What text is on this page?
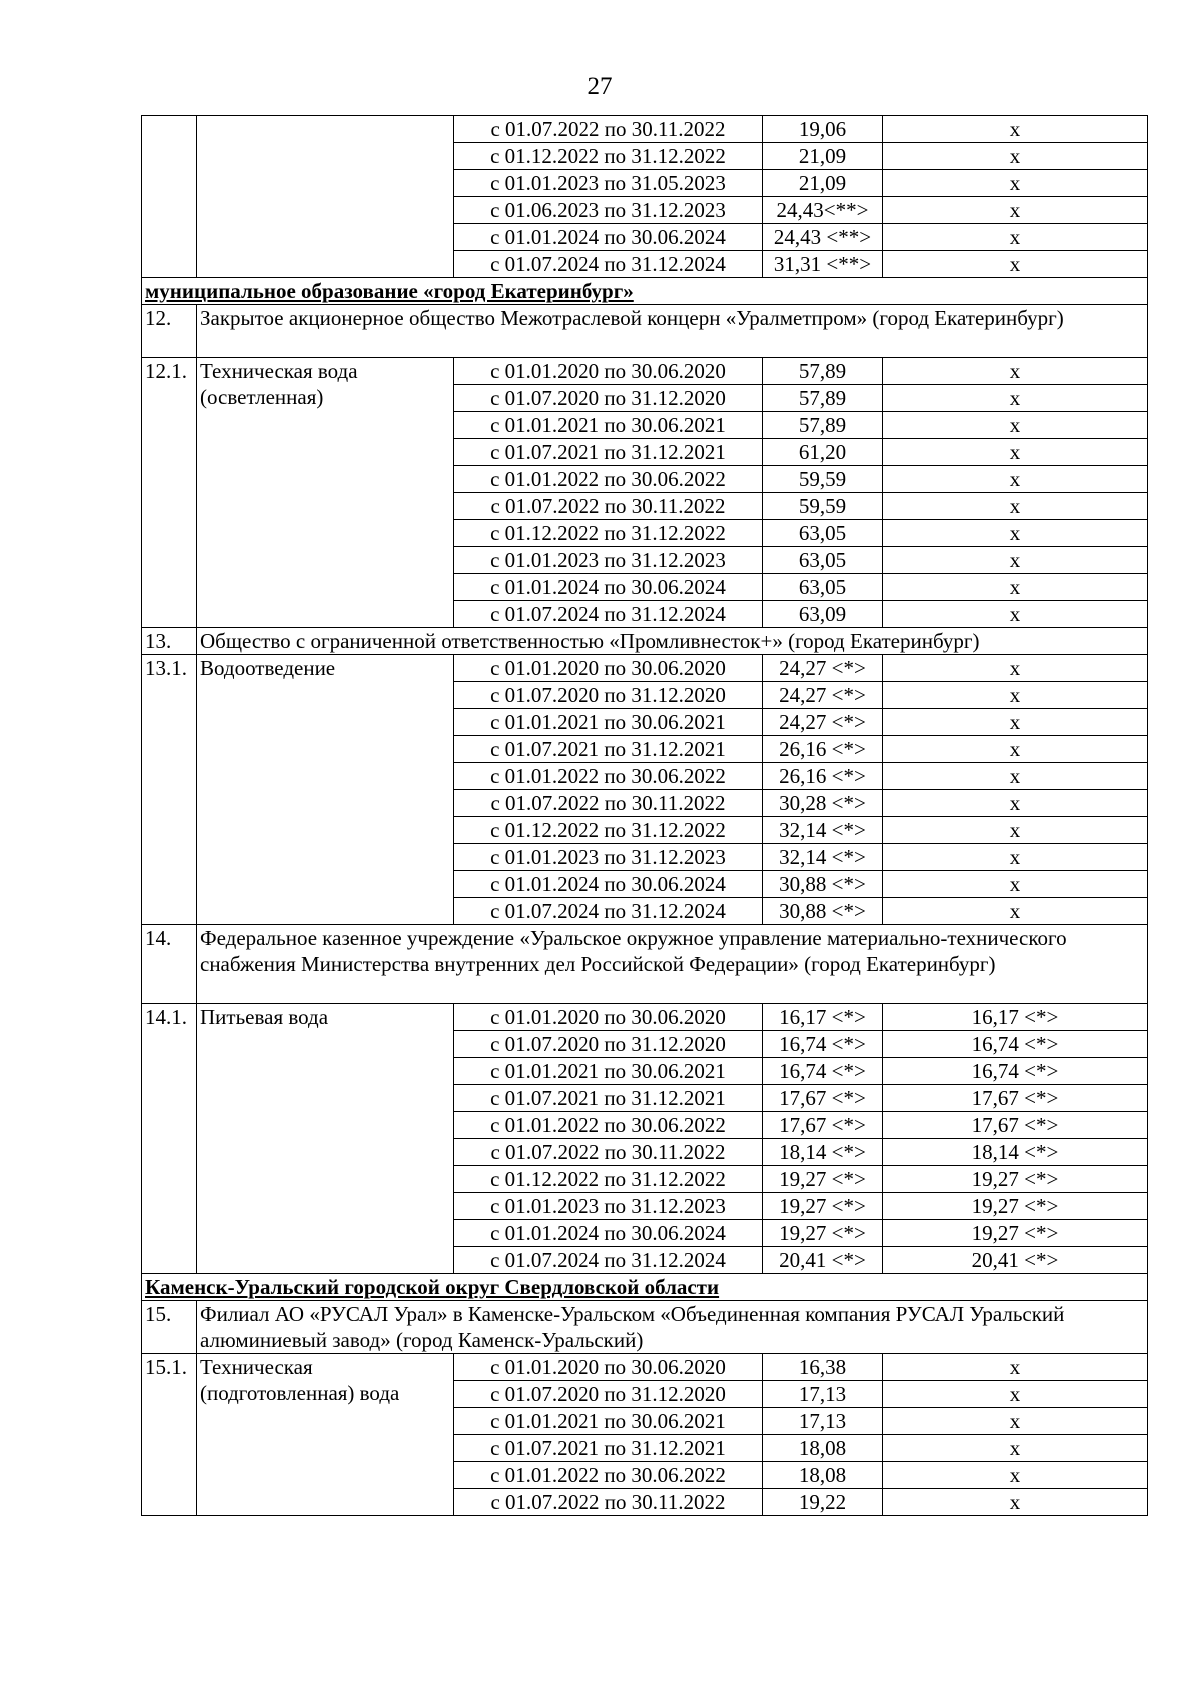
27
		с 01.07.2022 по 30.11.2022	19,06	х
		с 01.12.2022 по 31.12.2022	21,09	х
		с 01.01.2023 по 31.05.2023	21,09	х
		с 01.06.2023 по 31.12.2023	24,43<**>	х
		с 01.01.2024 по 30.06.2024	24,43 <**>	х
		с 01.07.2024 по 31.12.2024	31,31 <**>	х
муниципальное образование «город Екатеринбург»				
12.	Закрытое акционерное общество Межотраслевой концерн «Уралметпром» (город Екатеринбург)			
12.1.	Техническая вода (осветленная)	с 01.01.2020 по 30.06.2020	57,89	х
		с 01.07.2020 по 31.12.2020	57,89	х
		с 01.01.2021 по 30.06.2021	57,89	х
		с 01.07.2021 по 31.12.2021	61,20	х
		с 01.01.2022 по 30.06.2022	59,59	х
		с 01.07.2022 по 30.11.2022	59,59	х
		с 01.12.2022 по 31.12.2022	63,05	х
		с 01.01.2023 по 31.12.2023	63,05	х
		с 01.01.2024 по 30.06.2024	63,05	х
		с 01.07.2024 по 31.12.2024	63,09	х
13.	Общество с ограниченной ответственностью «Промливнесток+» (город Екатеринбург)			
13.1.	Водоотведение	с 01.01.2020 по 30.06.2020	24,27 <*>	х
		с 01.07.2020 по 31.12.2020	24,27 <*>	х
		с 01.01.2021 по 30.06.2021	24,27 <*>	х
		с 01.07.2021 по 31.12.2021	26,16 <*>	х
		с 01.01.2022 по 30.06.2022	26,16 <*>	х
		с 01.07.2022 по 30.11.2022	30,28 <*>	х
		с 01.12.2022 по 31.12.2022	32,14 <*>	х
		с 01.01.2023 по 31.12.2023	32,14 <*>	х
		с 01.01.2024 по 30.06.2024	30,88 <*>	х
		с 01.07.2024 по 31.12.2024	30,88 <*>	х
14.	Федеральное казенное учреждение «Уральское окружное управление материально-технического снабжения Министерства внутренних дел Российской Федерации» (город Екатеринбург)			
14.1.	Питьевая вода	с 01.01.2020 по 30.06.2020	16,17 <*>	16,17 <*>
		с 01.07.2020 по 31.12.2020	16,74 <*>	16,74 <*>
		с 01.01.2021 по 30.06.2021	16,74 <*>	16,74 <*>
		с 01.07.2021 по 31.12.2021	17,67 <*>	17,67 <*>
		с 01.01.2022 по 30.06.2022	17,67 <*>	17,67 <*>
		с 01.07.2022 по 30.11.2022	18,14 <*>	18,14 <*>
		с 01.12.2022 по 31.12.2022	19,27 <*>	19,27 <*>
		с 01.01.2023 по 31.12.2023	19,27 <*>	19,27 <*>
		с 01.01.2024 по 30.06.2024	19,27 <*>	19,27 <*>
		с 01.07.2024 по 31.12.2024	20,41 <*>	20,41 <*>
Каменск-Уральский городской округ Свердловской области				
15.	Филиал АО «РУСАЛ Урал» в Каменске-Уральском «Объединенная компания РУСАЛ Уральский алюминиевый завод» (город Каменск-Уральский)			
15.1.	Техническая (подготовленная) вода	с 01.01.2020 по 30.06.2020	16,38	х
		с 01.07.2020 по 31.12.2020	17,13	х
		с 01.01.2021 по 30.06.2021	17,13	х
		с 01.07.2021 по 31.12.2021	18,08	х
		с 01.01.2022 по 30.06.2022	18,08	х
		с 01.07.2022 по 30.11.2022	19,22	х
